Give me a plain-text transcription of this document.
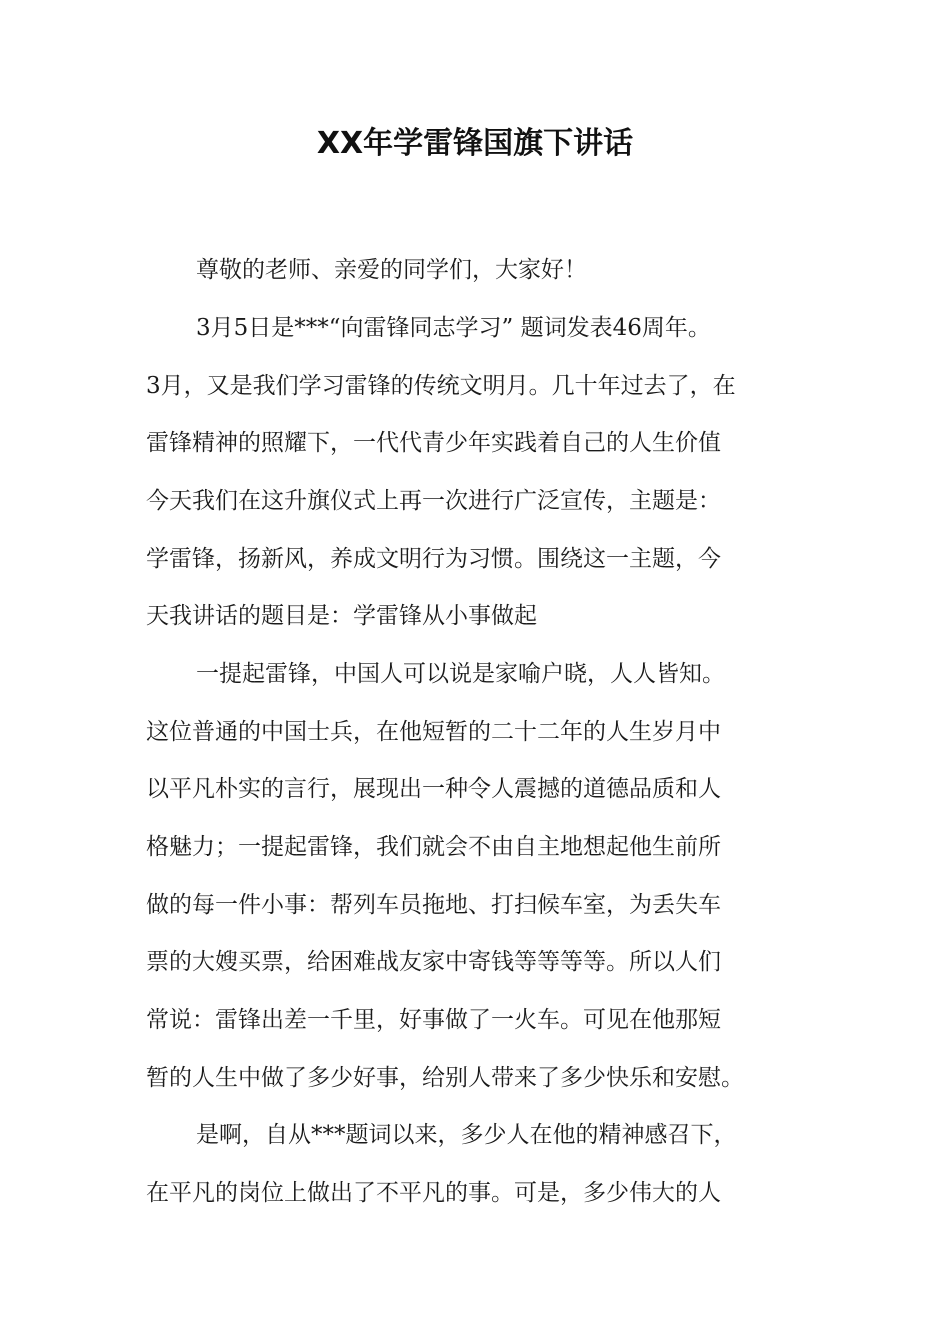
XX年学雷锋国旗下讲话
尊敬的老师、亲爱的同学们，大家好！
3月5日是***“向雷锋同志学习” 题词发表46周年。
3月，又是我们学习雷锋的传统文明月。几十年过去了，在
雷锋精神的照耀下，一代代青少年实践着自己的人生价值
今天我们在这升旗仪式上再一次进行广泛宣传，主题是：
学雷锋，扬新风，养成文明行为习惯。围绕这一主题，今
天我讲话的题目是：学雷锋从小事做起
一提起雷锋，中国人可以说是家喻户晓，人人皆知。
这位普通的中国士兵，在他短暂的二十二年的人生岁月中
以平凡朴实的言行，展现出一种令人震撼的道德品质和人
格魅力；一提起雷锋，我们就会不由自主地想起他生前所
做的每一件小事：帮列车员拖地、打扫候车室，为丢失车
票的大嫂买票，给困难战友家中寄钱等等等等。所以人们
常说：雷锋出差一千里，好事做了一火车。可见在他那短
暂的人生中做了多少好事，给别人带来了多少快乐和安慰。
是啊，自从***题词以来，多少人在他的精神感召下，
在平凡的岗位上做出了不平凡的事。可是，多少伟大的人
